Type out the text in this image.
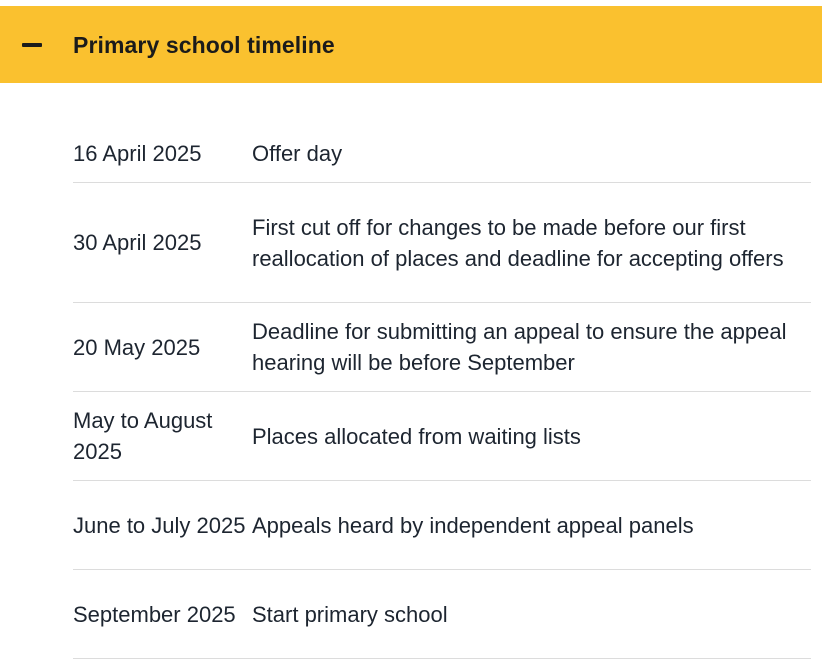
Primary school timeline
16 April 2025	Offer day
30 April 2025
First cut off for changes to be made before our first reallocation of places and deadline for accepting offers
20 May 2025
Deadline for submitting an appeal to ensure the appeal hearing will be before September
May to August 2025
Places allocated from waiting lists
June to July 2025 Appeals heard by independent appeal panels
September 2025 Start primary school
